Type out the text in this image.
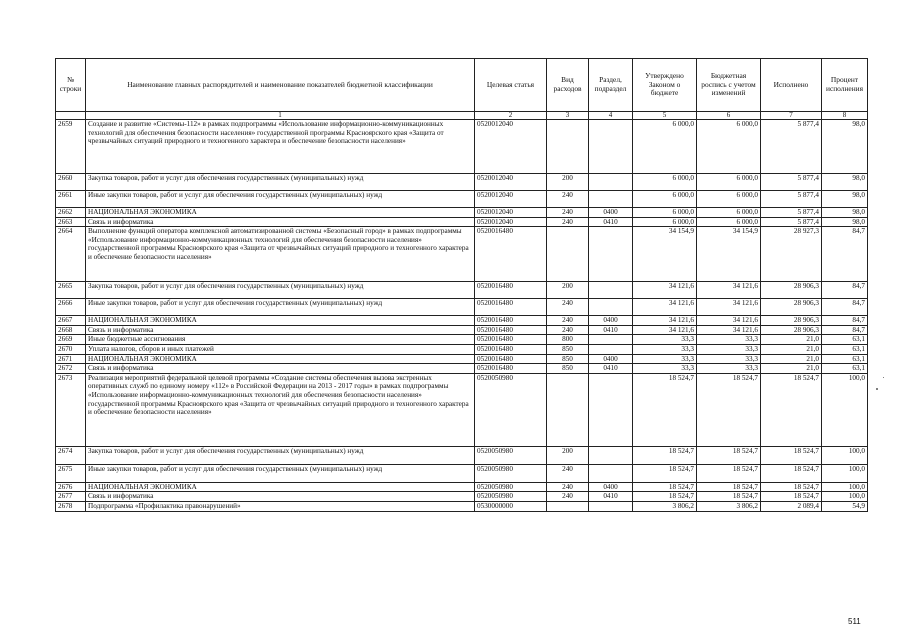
№ строки	Наименование главных распорядителей и наименование показателей бюджетной классификации	Целевая статья	Вид расходов	Раздел, подраздел	Утверждено Законом о бюджете	Бюджетная роспись с учетом изменений	Исполнено	Процент исполнения
	1	2	3	4	5	6	7	8
2659	Создание и развитие «Системы-112» в рамках подпрограммы «Использование информационно-коммуникационных технологий для обеспечения безопасности населения» государственной программы Красноярского края «Защита от чрезвычайных ситуаций природного и техногенного характера и обеспечение безопасности населения»	0520012040			6 000,0	6 000,0	5 877,4	98,0
2660	Закупка товаров, работ и услуг для обеспечения государственных (муниципальных) нужд	0520012040	200		6 000,0	6 000,0	5 877,4	98,0
2661	Иные закупки товаров, работ и услуг для обеспечения государственных (муниципальных) нужд	0520012040	240		6 000,0	6 000,0	5 877,4	98,0
2662	НАЦИОНАЛЬНАЯ ЭКОНОМИКА	0520012040	240	0400	6 000,0	6 000,0	5 877,4	98,0
2663	Связь и информатика	0520012040	240	0410	6 000,0	6 000,0	5 877,4	98,0
2664	Выполнение функций оператора комплексной автоматизированной системы «Безопасный город» в рамках подпрограммы «Использование информационно-коммуникационных технологий для обеспечения безопасности населения» государственной программы Красноярского края «Защита от чрезвычайных ситуаций природного и техногенного характера и обеспечение безопасности населения»	0520016480			34 154,9	34 154,9	28 927,3	84,7
2665	Закупка товаров, работ и услуг для обеспечения государственных (муниципальных) нужд	0520016480	200		34 121,6	34 121,6	28 906,3	84,7
2666	Иные закупки товаров, работ и услуг для обеспечения государственных (муниципальных) нужд	0520016480	240		34 121,6	34 121,6	28 906,3	84,7
2667	НАЦИОНАЛЬНАЯ ЭКОНОМИКА	0520016480	240	0400	34 121,6	34 121,6	28 906,3	84,7
2668	Связь и информатика	0520016480	240	0410	34 121,6	34 121,6	28 906,3	84,7
2669	Иные бюджетные ассигнования	0520016480	800		33,3	33,3	21,0	63,1
2670	Уплата налогов, сборов и иных платежей	0520016480	850		33,3	33,3	21,0	63,1
2671	НАЦИОНАЛЬНАЯ ЭКОНОМИКА	0520016480	850	0400	33,3	33,3	21,0	63,1
2672	Связь и информатика	0520016480	850	0410	33,3	33,3	21,0	63,1
2673	Реализация мероприятий федеральной целевой программы «Создание системы обеспечения вызова экстренных оперативных служб по единому номеру «112» в Российской Федерации на 2013 - 2017 годы» в рамках подпрограммы «Использование информационно-коммуникационных технологий для обеспечения безопасности населения» государственной программы Красноярского края «Защита от чрезвычайных ситуаций природного и техногенного характера и обеспечение безопасности населения»	0520050980			18 524,7	18 524,7	18 524,7	100,0
2674	Закупка товаров, работ и услуг для обеспечения государственных (муниципальных) нужд	0520050980	200		18 524,7	18 524,7	18 524,7	100,0
2675	Иные закупки товаров, работ и услуг для обеспечения государственных (муниципальных) нужд	0520050980	240		18 524,7	18 524,7	18 524,7	100,0
2676	НАЦИОНАЛЬНАЯ ЭКОНОМИКА	0520050980	240	0400	18 524,7	18 524,7	18 524,7	100,0
2677	Связь и информатика	0520050980	240	0410	18 524,7	18 524,7	18 524,7	100,0
2678	Подпрограмма «Профилактика правонарушений»	0530000000			3 806,2	3 806,2	2 089,4	54,9
511
